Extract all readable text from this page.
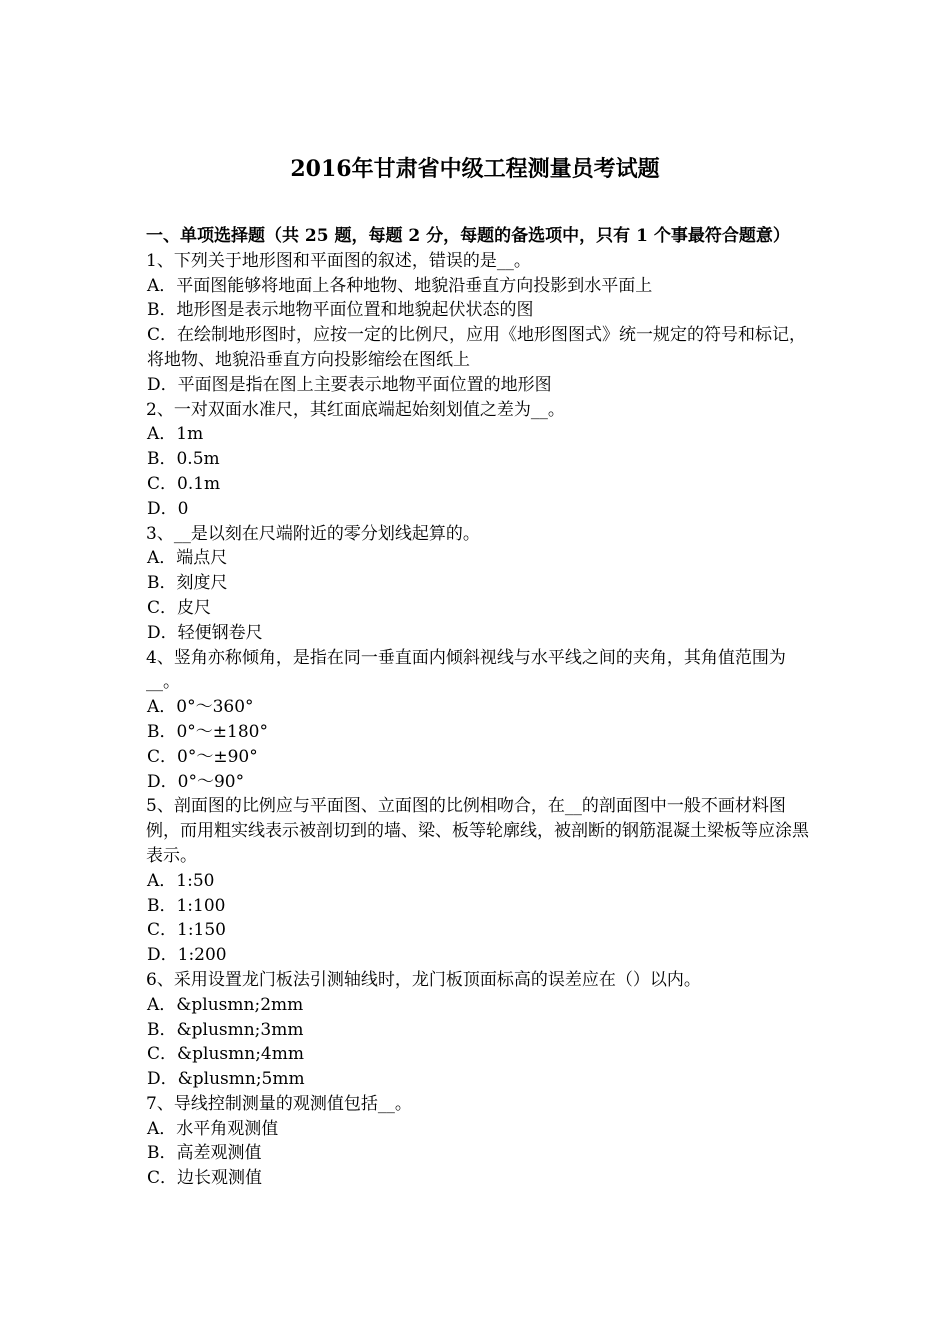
2016年甘肃省中级工程测量员考试题

一、单项选择题（共 25 题，每题 2 分，每题的备选项中，只有 1 个事最符合题意）

1、下列关于地形图和平面图的叙述，错误的是__。

A．平面图能够将地面上各种地物、地貌沿垂直方向投影到水平面上

B．地形图是表示地物平面位置和地貌起伏状态的图

C．在绘制地形图时，应按一定的比例尺，应用《地形图图式》统一规定的符号和标记，将地物、地貌沿垂直方向投影缩绘在图纸上

D．平面图是指在图上主要表示地物平面位置的地形图

2、一对双面水准尺，其红面底端起始刻划值之差为__。

A．1m

B．0.5m

C．0.1m

D．0

3、__是以刻在尺端附近的零分划线起算的。

A．端点尺

B．刻度尺

C．皮尺

D．轻便钢卷尺

4、竖角亦称倾角，是指在同一垂直面内倾斜视线与水平线之间的夹角，其角值范围为__。

A．0°～360°

B．0°～±180°

C．0°～±90°

D．0°～90°

5、剖面图的比例应与平面图、立面图的比例相吻合，在__的剖面图中一般不画材料图例，而用粗实线表示被剖切到的墙、梁、板等轮廓线，被剖断的钢筋混凝土梁板等应涂黑表示。

A．1:50

B．1:100

C．1:150

D．1:200

6、采用设置龙门板法引测轴线时，龙门板顶面标高的误差应在（）以内。

A．&plusmn;2mm

B．&plusmn;3mm

C．&plusmn;4mm

D．&plusmn;5mm

7、导线控制测量的观测值包括__。

A．水平角观测值

B．高差观测值

C．边长观测值
